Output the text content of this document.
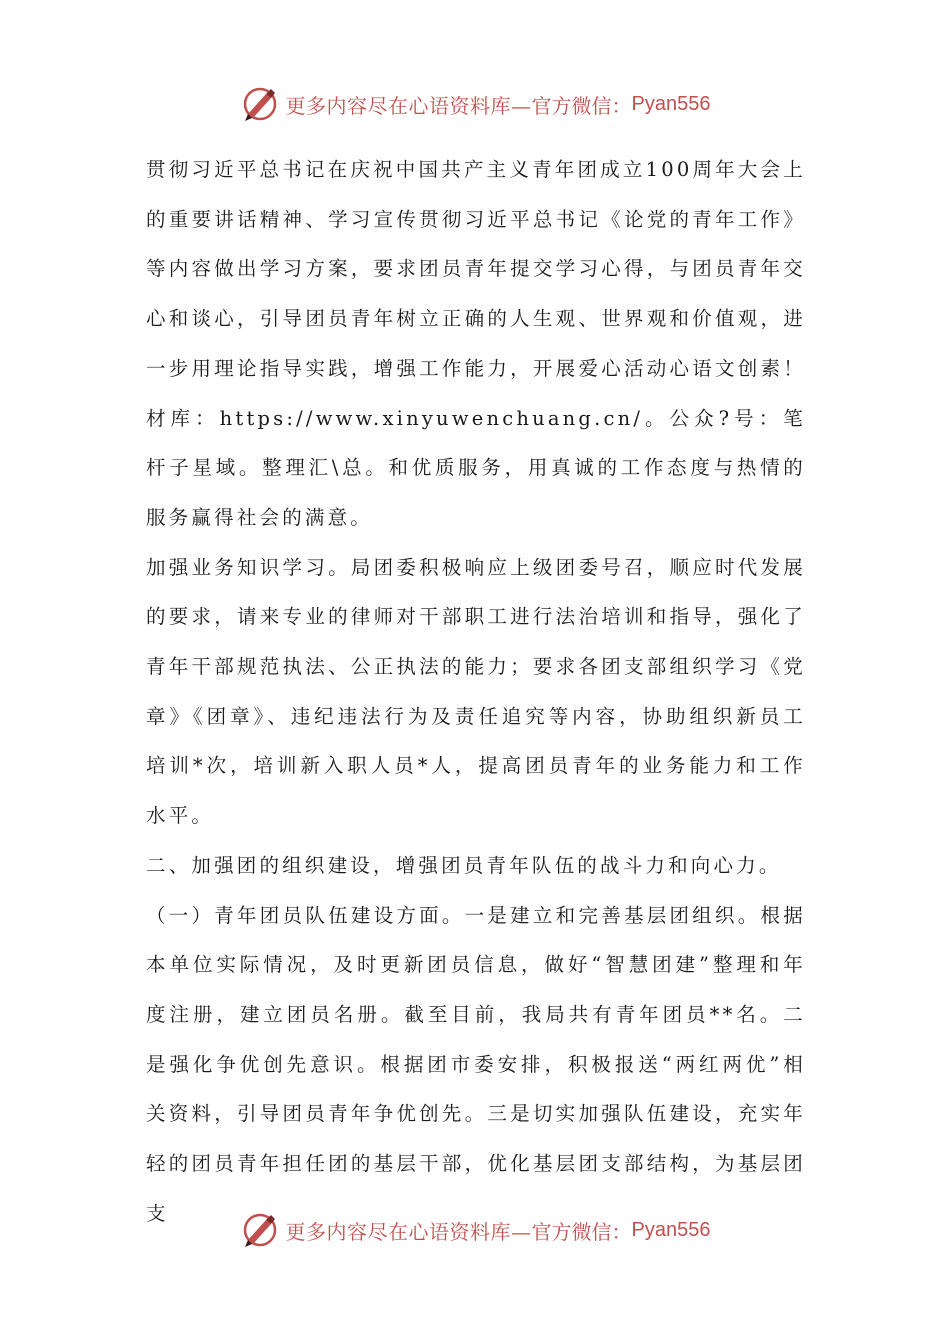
更多内容尽在心语资料库— 官方微信： Pyan556

贯彻习近平总书记在庆祝中国共产主义青年团成立100周年大会上的重要讲话精神、学习宣传贯彻习近平总书记《论党的青年工作》等内容做出学习方案，要求团员青年提交学习心得，与团员青年交心和谈心，引导团员青年树立正确的人生观、世界观和价值观，进一步用理论指导实践，增强工作能力，开展爱心活动心语文创素！材库：https://www.xinyuwenchuang.cn/。公众?号：笔杆子星域。整理汇\总。和优质服务，用真诚的工作态度与热情的服务赢得社会的满意。

加强业务知识学习。局团委积极响应上级团委号召，顺应时代发展的要求，请来专业的律师对干部职工进行法治培训和指导，强化了青年干部规范执法、公正执法的能力；要求各团支部组织学习《党章》《团章》、违纪违法行为及责任追究等内容，协助组织新员工培训*次，培训新入职人员*人，提高团员青年的业务能力和工作水平。

二、加强团的组织建设，增强团员青年队伍的战斗力和向心力。

（一）青年团员队伍建设方面。一是建立和完善基层团组织。根据本单位实际情况，及时更新团员信息，做好“智慧团建”整理和年度注册，建立团员名册。截至目前，我局共有青年团员**名。二是强化争优创先意识。根据团市委安排，积极报送“两红两优”相关资料，引导团员青年争优创先。三是切实加强队伍建设，充实年轻的团员青年担任团的基层干部，优化基层团支部结构，为基层团支

更多内容尽在心语资料库— 官方微信： Pyan556
